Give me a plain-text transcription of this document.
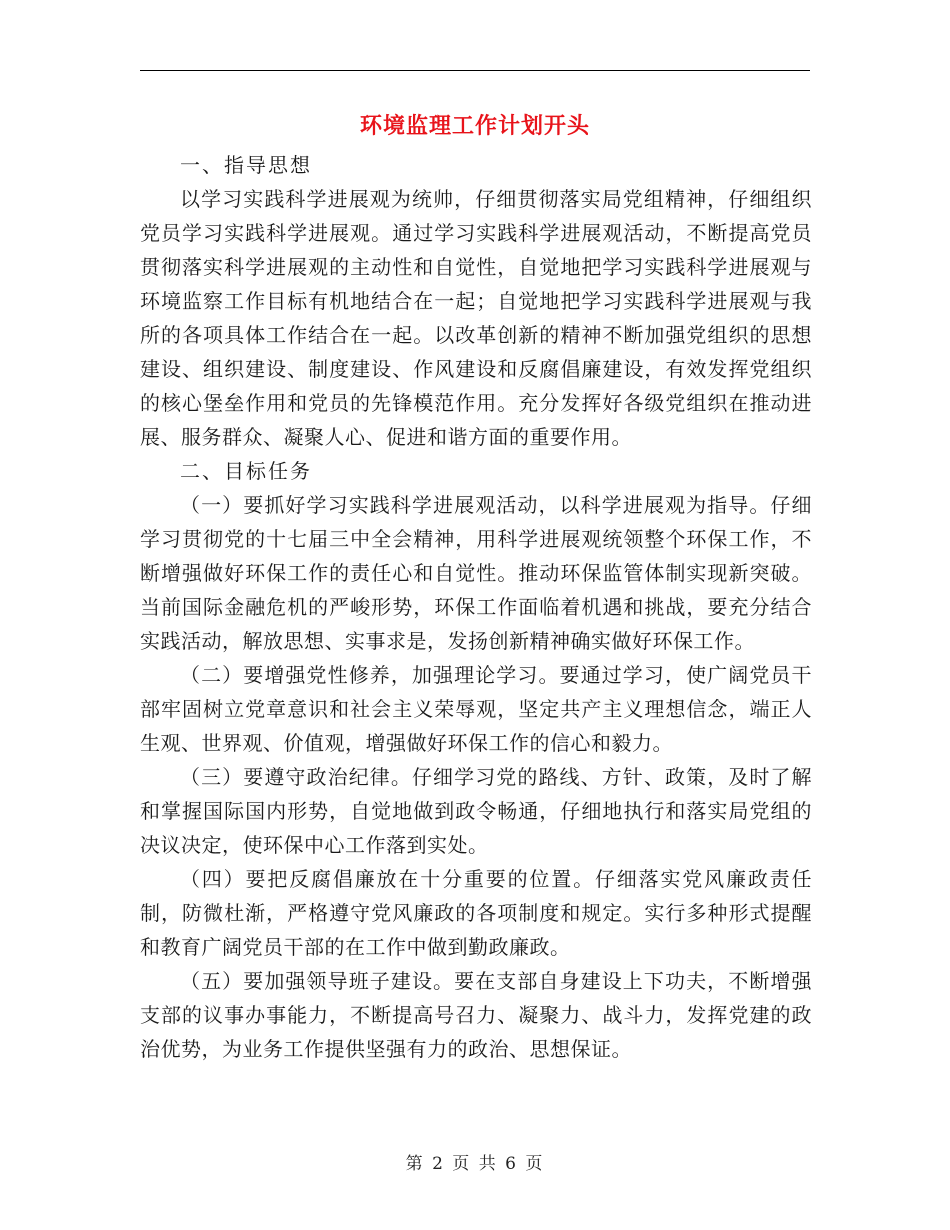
环境监理工作计划开头

一、指导思想

以学习实践科学进展观为统帅，仔细贯彻落实局党组精神，仔细组织党员学习实践科学进展观。通过学习实践科学进展观活动，不断提高党员贯彻落实科学进展观的主动性和自觉性，自觉地把学习实践科学进展观与环境监察工作目标有机地结合在一起；自觉地把学习实践科学进展观与我所的各项具体工作结合在一起。以改革创新的精神不断加强党组织的思想建设、组织建设、制度建设、作风建设和反腐倡廉建设，有效发挥党组织的核心堡垒作用和党员的先锋模范作用。充分发挥好各级党组织在推动进展、服务群众、凝聚人心、促进和谐方面的重要作用。

二、目标任务

（一）要抓好学习实践科学进展观活动，以科学进展观为指导。仔细学习贯彻党的十七届三中全会精神，用科学进展观统领整个环保工作，不断增强做好环保工作的责任心和自觉性。推动环保监管体制实现新突破。当前国际金融危机的严峻形势，环保工作面临着机遇和挑战，要充分结合实践活动，解放思想、实事求是，发扬创新精神确实做好环保工作。

（二）要增强党性修养，加强理论学习。要通过学习，使广阔党员干部牢固树立党章意识和社会主义荣辱观，坚定共产主义理想信念，端正人生观、世界观、价值观，增强做好环保工作的信心和毅力。

（三）要遵守政治纪律。仔细学习党的路线、方针、政策，及时了解和掌握国际国内形势，自觉地做到政令畅通，仔细地执行和落实局党组的决议决定，使环保中心工作落到实处。

（四）要把反腐倡廉放在十分重要的位置。仔细落实党风廉政责任制，防微杜渐，严格遵守党风廉政的各项制度和规定。实行多种形式提醒和教育广阔党员干部的在工作中做到勤政廉政。

（五）要加强领导班子建设。要在支部自身建设上下功夫，不断增强支部的议事办事能力，不断提高号召力、凝聚力、战斗力，发挥党建的政治优势，为业务工作提供坚强有力的政治、思想保证。

第 2 页 共 6 页
